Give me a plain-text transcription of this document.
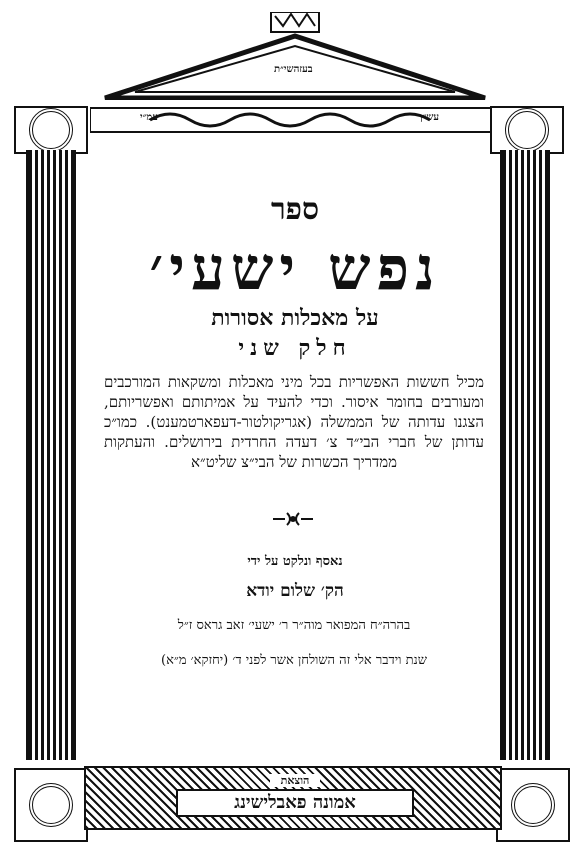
בעזהשי״ת
עמ״י	עש״ן
ספר
נפש ישעי׳
על מאכלות אסורות
חלק שני
מכיל חששות האפשריות בכל מיני מאכלות ומשקאות המורכבים ומעורבים בחומר איסור. וכדי להעיד על אמיתותם ואפשריותם, הצגנו עדותה של הממשלה (אגריקולטור-דעפארטמענט). כמו״כ עדותן של חברי הבי״ד צ׳ דעדה החרדית בירושלים. והעתקות ממדריך הכשרות של הבי״צ שליט״א
נאסף ונלקט על ידי
הק׳ שלום יודא
בהרה״ח המפואר מוה״ר ר׳ ישעי׳ זאב גראס ז״ל
שנת וידבר אלי זה השולחן אשר לפני ד׳ (יחזקא׳ מ״א)
הוצאת
אמונה פאבלישינג
